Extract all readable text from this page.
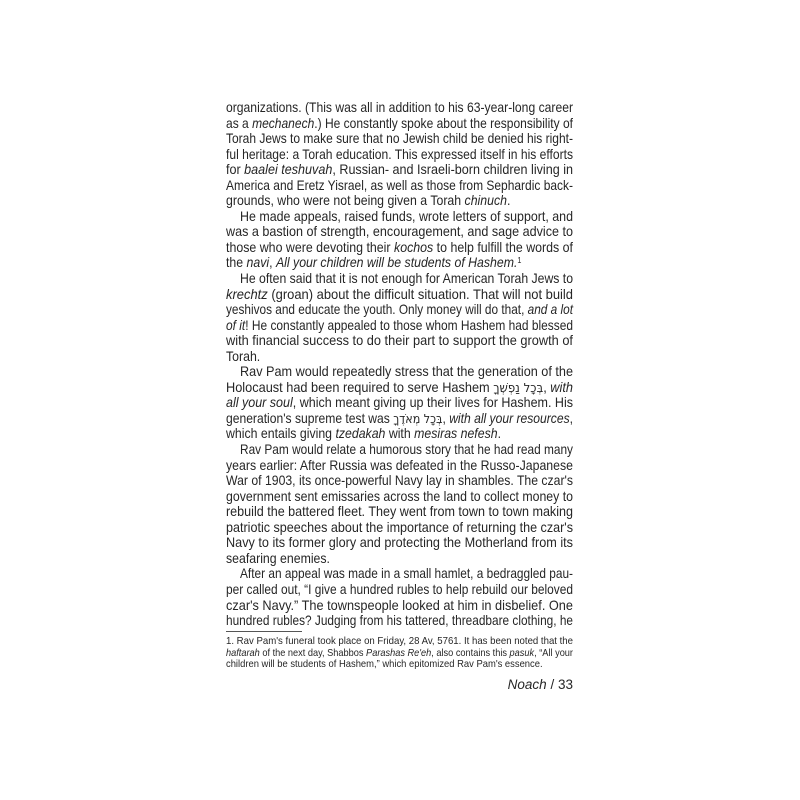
organizations. (This was all in addition to his 63-year-long career
as a mechanech.) He constantly spoke about the responsibility of
Torah Jews to make sure that no Jewish child be denied his right-
ful heritage: a Torah education. This expressed itself in his efforts
for baalei teshuvah, Russian- and Israeli-born children living in
America and Eretz Yisrael, as well as those from Sephardic back-
grounds, who were not being given a Torah chinuch.
He made appeals, raised funds, wrote letters of support, and
was a bastion of strength, encouragement, and sage advice to
those who were devoting their kochos to help fulfill the words of
the navi, All your children will be students of Hashem.$^1$
He often said that it is not enough for American Torah Jews to
krechtz (groan) about the difficult situation. That will not build
yeshivos and educate the youth. Only money will do that, and a lot
of it! He constantly appealed to those whom Hashem had blessed
with financial success to do their part to support the growth of
Torah.
Rav Pam would repeatedly stress that the generation of the
Holocaust had been required to serve Hashem בְּכָל נַפְשְׁךָ, with
all your soul, which meant giving up their lives for Hashem. His
generation's supreme test was בְּכָל מְאֹדֶךָ, with all your resources,
which entails giving tzedakah with mesiras nefesh.
Rav Pam would relate a humorous story that he had read many
years earlier: After Russia was defeated in the Russo-Japanese
War of 1903, its once-powerful Navy lay in shambles. The czar's
government sent emissaries across the land to collect money to
rebuild the battered fleet. They went from town to town making
patriotic speeches about the importance of returning the czar's
Navy to its former glory and protecting the Motherland from its
seafaring enemies.
After an appeal was made in a small hamlet, a bedraggled pau-
per called out, “I give a hundred rubles to help rebuild our beloved
czar's Navy.” The townspeople looked at him in disbelief. One
hundred rubles? Judging from his tattered, threadbare clothing, he
1. Rav Pam's funeral took place on Friday, 28 Av, 5761. It has been noted that the
haftarah of the next day, Shabbos Parashas Re'eh, also contains this pasuk, “All your
children will be students of Hashem,” which epitomized Rav Pam's essence.
Noach / 33
